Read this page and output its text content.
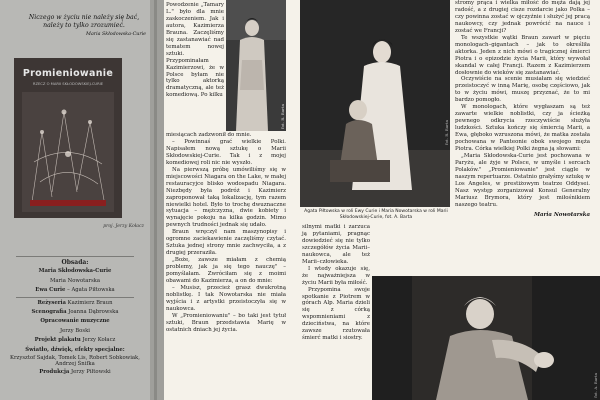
Niczego w życiu nie należy się bać, należy to tylko zrozumieć.
Maria Skłodowska-Curie
Promieniowanie
RZECZ O MARII SKŁODOWSKIEJ-CURIE
proj. Jerzy Kołacz
Obsada:
Maria Skłodowska-Curie
Maria Nowotarska
Ewa Curie – Agata Piłtowska
Reżyseria Kazimierz Braun
Scenografia Joanna Dąbrowska
Opracowanie muzyczne
Jerzy Boski
Projekt plakatu Jerzy Kołacz
Światło, dźwięk, efekty specjalne:
Krzysztof Sajdak, Tomek Lis, Robert Sobkowiak, Andrzej Śnifka
Produkcja Jerzy Piłtowski

Powodzenie „Tamary L." było dla mnie zaskoczeniem. Jak i autora, Kazimierza Brauna. Zaczęliśmy się zastanawiać nad tematem nowej sztuki. Przypominałam Kazimierzowi, że w Polsce byłam nie tylko aktorką dramatyczną, ale też komediową. Po kilku

fot. R. Barta

miesiącach zadzwonił do mnie.

– Powinnaś grać wielkie Polki. Napisałem nową sztukę o Marii Skłodowskiej-Curie. Tak i z mojej komediowej roli nic nie wyszło.

Na pierwszą próbę umówiliśmy się w miejscowości Niagara on the Lake, w małej restauracyjce blisko wodospadu Niagara. Niezbędy była podróż i Kazimierz zaproponował taką lokalizację, tym razem niewielki hotel. Było to trochę dwuznaczne sytuacja – mężczyzna, dwie kobiety i wynajęcie pokoju na kilka godzin. Mimo pewnych trudności jednak się udało.

Braun wręczył nam maszynopisy i ogromne zaciekawienie zaczęliśmy czytać. Sztuka jednej strony mnie zachwyciła, a z drugiej przeraziła.

„Boże, zawsze miałam z chemią problemy, jak ja się tego nauczę" – pomyślałam. Zwróciłam się z moimi obawami do Kazimierza, a on do mnie:

– Musisz, przecież grasz dwukrotną noblistkę. I tak Nowotarska nie miała wyjścia i z artystki przeistoczyła się w naukowca.

W „Promieniowaniu" – bo taki jest tytuł sztuki, Braun przedstawia Marię w ostatnich dniach jej życia.

fot. R. Barta
Agata Piłtowska w roli Ewy Curie i Maria Nowotarska w roli Marii Skłodowskiej-Curie, fot. A. Barta

silnymi matki i zarzuca ją pytaniami, pragnąc dowiedzieć się nie tylko szczegółów życia Marii–naukowca, ale też Marii–człowieka.

I wtedy okazuje się, że najważniejsza w życiu Marii była miłość.

Przypomina swoje spotkanie z Piotrem w górach Alp. Maria dzieli się z córką wspomnieniami z dzieciństwa, na które zawsze rzutowała śmierć matki i siostry.

stromy prąca i wielka miłość do męża dają jej radość, a z drugiej cisze rozdarcie jako Polka – czy powinna zostać w ojczyźnie i służyć jej pracą naukowcy, czy jednak powrócić na nauce i zostać we Francji?

Te wszystkie wątki Braun zawarł w pięciu monologach–gigantach – jak to określiła aktorka. Jeden z nich mówi o tragicznej śmierci Piotra i o epizodzie życia Marii, który wywołał skandal w całej Francji. Razem z Kazimierzem dosłownie do wieków się zastanawiać.

Oczywiście na scenie musiałam się wiedzieć przeistoczyć w inną Marię, osobę częściowo, jak to w życiu mówi, muszę przyznać, że to mi bardzo pomogło.

W monologach, które wygłaszam są też zawarte wielkie noblistki, czy ja ścieżką pewnego odkrycia rzeczywiście służyła ludzkości. Sztuka kończy się śmiercią Marii, a Ewa, głęboko wzruszona mówi, że matka została pochowana w Panteonie obok swojego męża Piotra. Córka wielkiej Polki żegna ją słowami:

„Maria Skłodowska-Curie jest pochowana w Paryżu, ale żyje w Polsce, w umyśle i sercach Polaków." „Promieniowanie" jest ciągle w naszym repertuarze. Ostatnio grałyśmy sztukę w Los Angeles, w prestiżowym teatrze Oddysei. Nasz występ zorganizował Konsul Generalny Mariusz Brymora, który jest miłośnikiem naszego teatru.

Maria Nowotarska

fot. A. Barta
